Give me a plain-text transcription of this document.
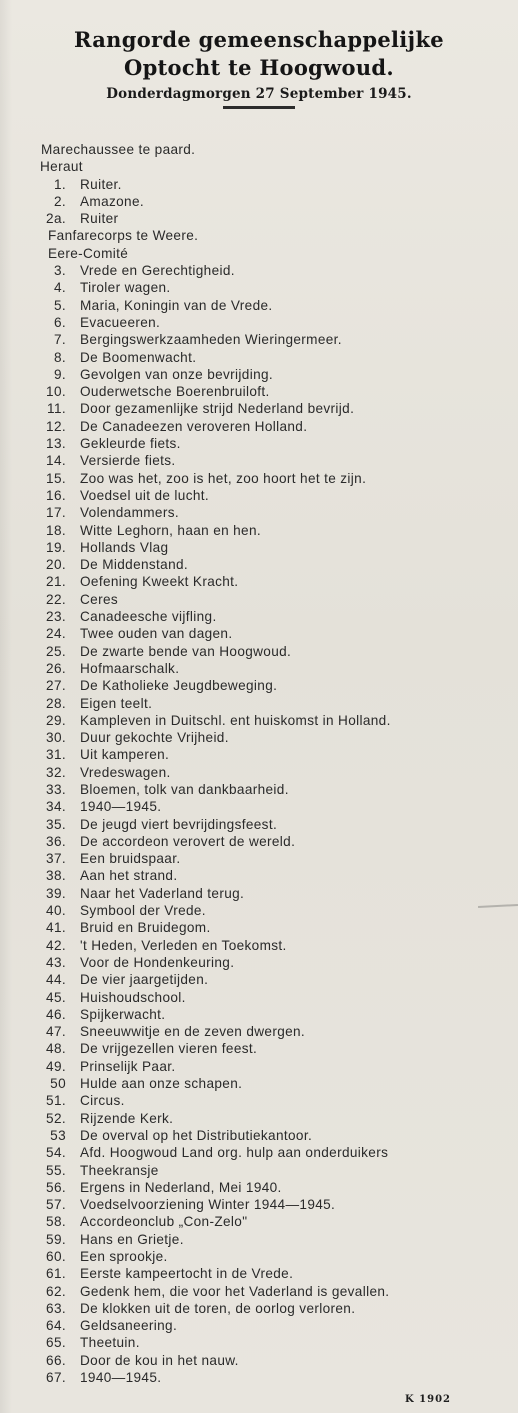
Rangorde gemeenschappelijke
Optocht te Hoogwoud.
Donderdagmorgen 27 September 1945.
Marechaussee te paard.
Heraut
1. Ruiter.
2. Amazone.
2a. Ruiter
Fanfarecorps te Weere.
Eere-Comité
3. Vrede en Gerechtigheid.
4. Tiroler wagen.
5. Maria, Koningin van de Vrede.
6. Evacueeren.
7. Bergingswerkzaamheden Wieringermeer.
8. De Boomenwacht.
9. Gevolgen van onze bevrijding.
10. Ouderwetsche Boerenbruiloft.
11. Door gezamenlijke strijd Nederland bevrijd.
12. De Canadeezen veroveren Holland.
13. Gekleurde fiets.
14. Versierde fiets.
15. Zoo was het, zoo is het, zoo hoort het te zijn.
16. Voedsel uit de lucht.
17. Volendammers.
18. Witte Leghorn, haan en hen.
19. Hollands Vlag
20. De Middenstand.
21. Oefening Kweekt Kracht.
22. Ceres
23. Canadeesche vijfling.
24. Twee ouden van dagen.
25. De zwarte bende van Hoogwoud.
26. Hofmaarschalk.
27. De Katholieke Jeugdbeweging.
28. Eigen teelt.
29. Kampleven in Duitschl. ent huiskomst in Holland.
30. Duur gekochte Vrijheid.
31. Uit kamperen.
32. Vredeswagen.
33. Bloemen, tolk van dankbaarheid.
34. 1940—1945.
35. De jeugd viert bevrijdingsfeest.
36. De accordeon verovert de wereld.
37. Een bruidspaar.
38. Aan het strand.
39. Naar het Vaderland terug.
40. Symbool der Vrede.
41. Bruid en Bruidegom.
42. 't Heden, Verleden en Toekomst.
43. Voor de Hondenkeuring.
44. De vier jaargetijden.
45. Huishoudschool.
46. Spijkerwacht.
47. Sneeuwwitje en de zeven dwergen.
48. De vrijgezellen vieren feest.
49. Prinselijk Paar.
50 Hulde aan onze schapen.
51. Circus.
52. Rijzende Kerk.
53 De overval op het Distributiekantoor.
54. Afd. Hoogwoud Land org. hulp aan onderduikers
55. Theekransje
56. Ergens in Nederland, Mei 1940.
57. Voedselvoorziening Winter 1944—1945.
58. Accordeonclub „Con-Zelo"
59. Hans en Grietje.
60. Een sprookje.
61. Eerste kampeertocht in de Vrede.
62. Gedenk hem, die voor het Vaderland is gevallen.
63. De klokken uit de toren, de oorlog verloren.
64. Geldsaneering.
65. Theetuin.
66. Door de kou in het nauw.
67. 1940—1945.
K 1902
